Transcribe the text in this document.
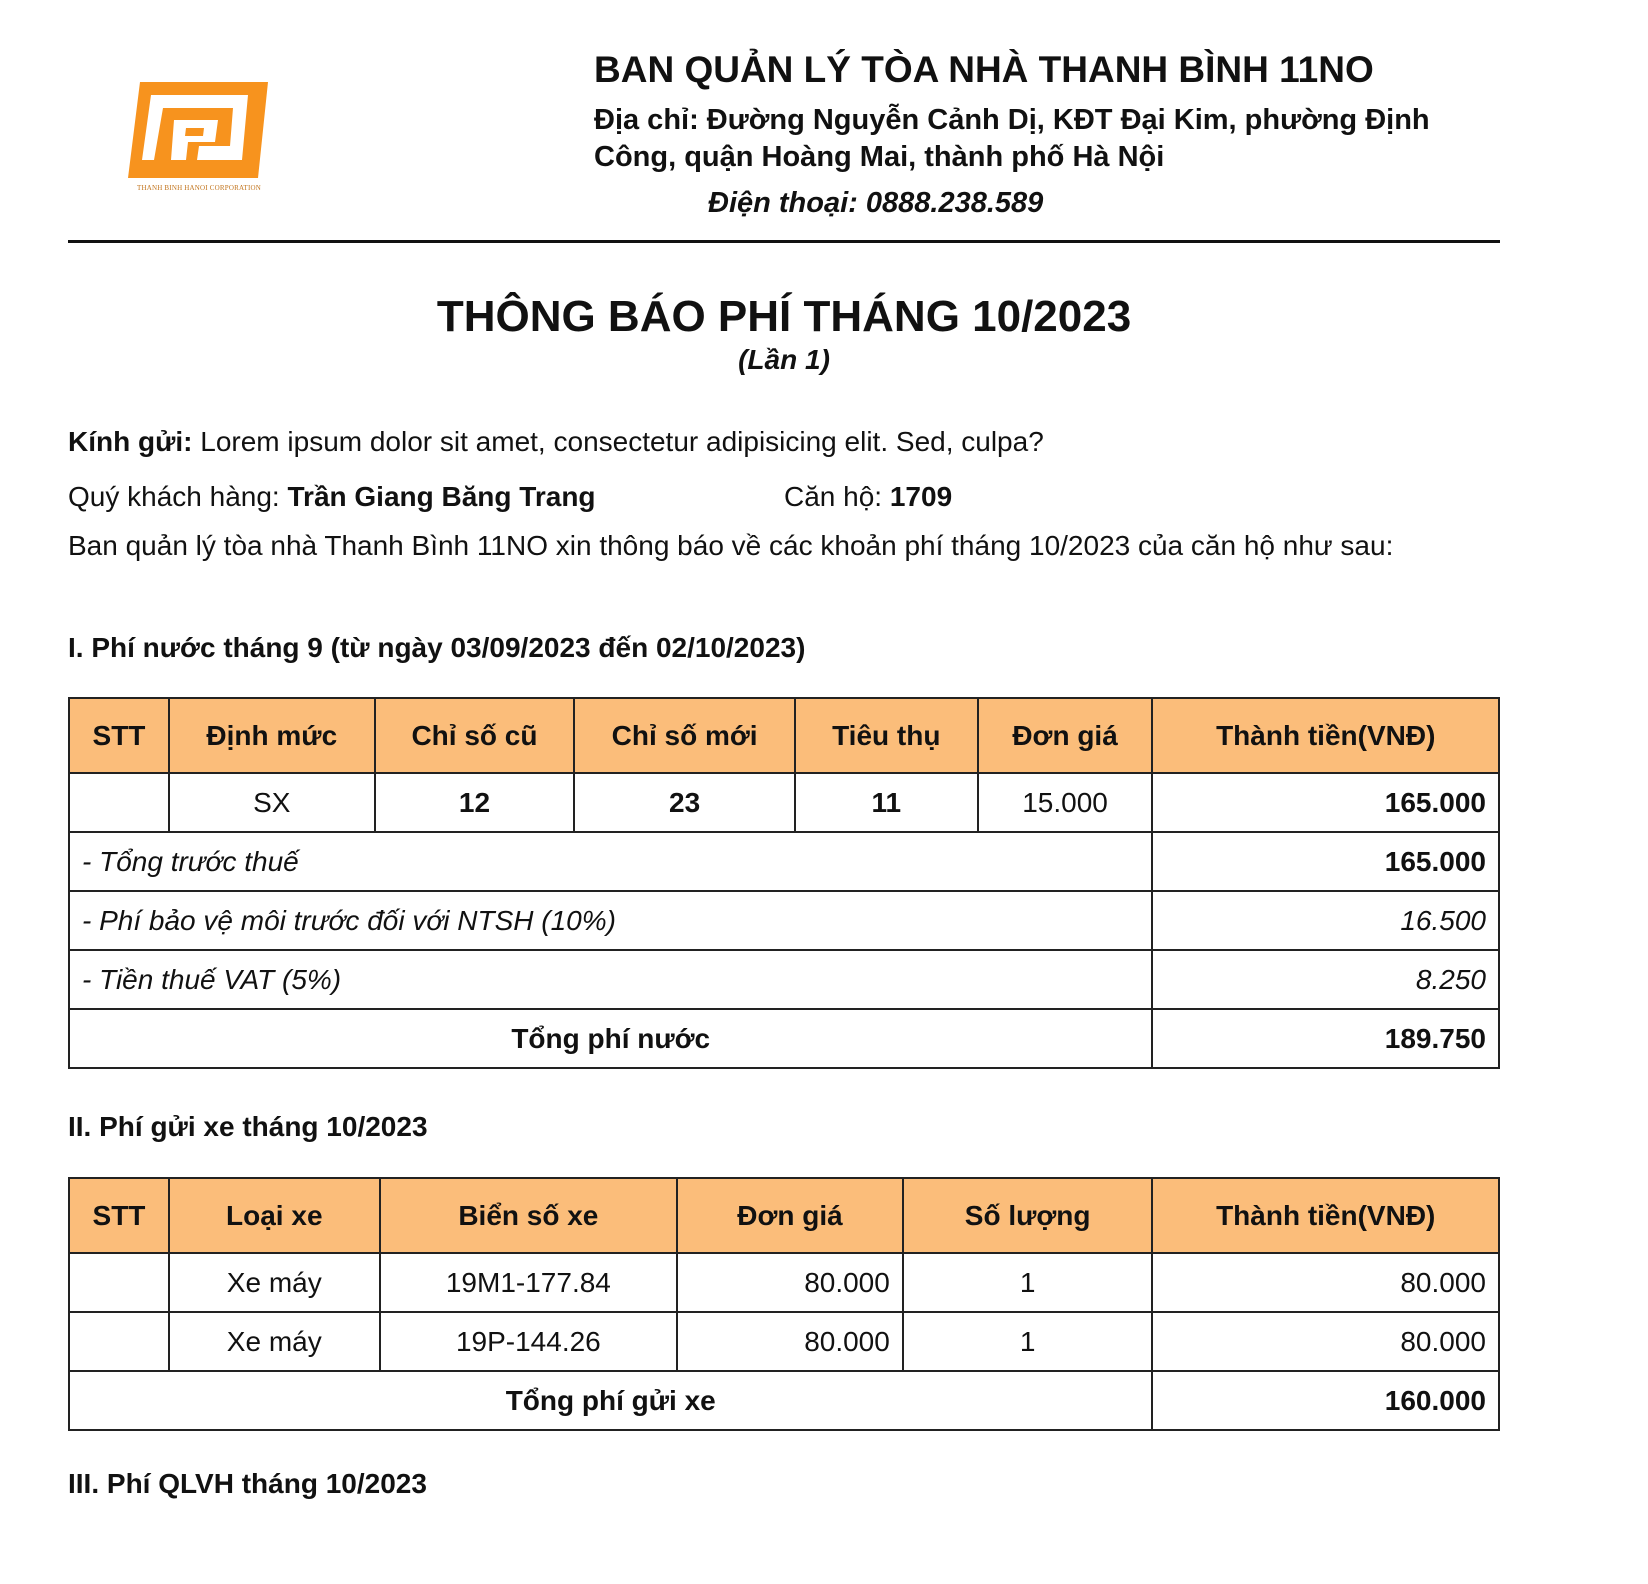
THANH BINH HANOI CORPORATION
BAN QUẢN LÝ TÒA NHÀ THANH BÌNH 11NO
Địa chỉ: Đường Nguyễn Cảnh Dị, KĐT Đại Kim, phường Định Công, quận Hoàng Mai, thành phố Hà Nội
Điện thoại: 0888.238.589
THÔNG BÁO PHÍ THÁNG 10/2023
(Lần 1)
Kính gửi: Lorem ipsum dolor sit amet, consectetur adipisicing elit. Sed, culpa?
Quý khách hàng: Trần Giang Băng Trang	Căn hộ: 1709
Ban quản lý tòa nhà Thanh Bình 11NO xin thông báo về các khoản phí tháng 10/2023 của căn hộ như sau:
I. Phí nước tháng 9 (từ ngày 03/09/2023 đến 02/10/2023)
STT	Định mức	Chỉ số cũ	Chỉ số mới	Tiêu thụ	Đơn giá	Thành tiền(VNĐ)
	SX	12	23	11	15.000	165.000
- Tổng trước thuế						165.000
- Phí bảo vệ môi trước đối với NTSH (10%)						16.500
- Tiền thuế VAT (5%)						8.250
Tổng phí nước						189.750
II. Phí gửi xe tháng 10/2023
STT	Loại xe	Biển số xe	Đơn giá	Số lượng	Thành tiền(VNĐ)
	Xe máy	19M1-177.84	80.000	1	80.000
	Xe máy	19P-144.26	80.000	1	80.000
Tổng phí gửi xe					160.000
III. Phí QLVH tháng 10/2023
